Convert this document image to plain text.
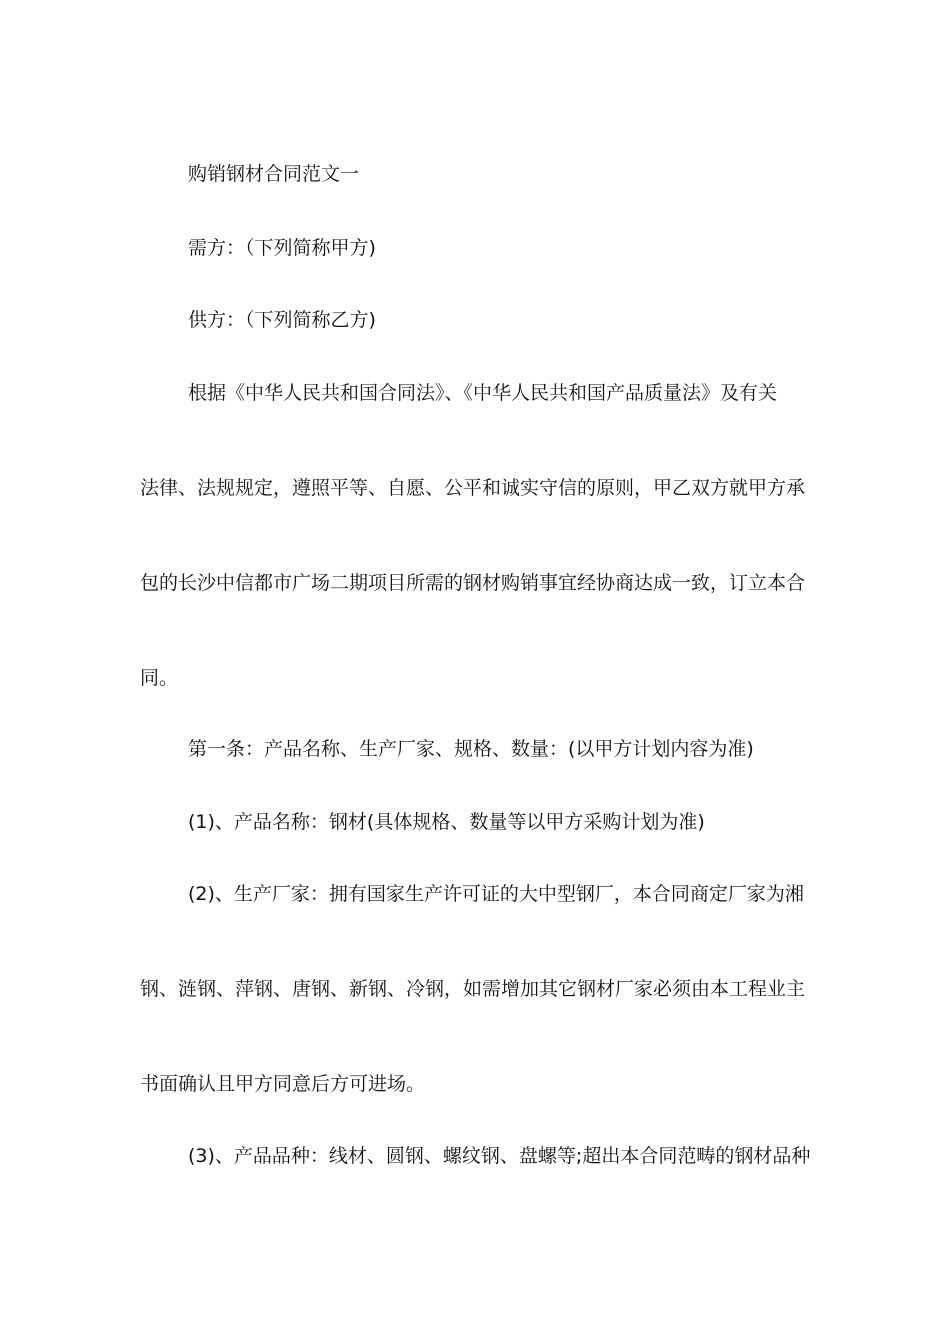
购销钢材合同范文一
需方：（下列简称甲方)
供方：（下列简称乙方)
根据《中华人民共和国合同法》、《中华人民共和国产品质量法》及有关
法律、法规规定，遵照平等、自愿、公平和诚实守信的原则，甲乙双方就甲方承
包的长沙中信都市广场二期项目所需的钢材购销事宜经协商达成一致，订立本合
同。
第一条：产品名称、生产厂家、规格、数量：(以甲方计划内容为准)
(1)、产品名称：钢材(具体规格、数量等以甲方采购计划为准)
(2)、生产厂家：拥有国家生产许可证的大中型钢厂，本合同商定厂家为湘
钢、涟钢、萍钢、唐钢、新钢、冷钢，如需增加其它钢材厂家必须由本工程业主
书面确认且甲方同意后方可进场。
(3)、产品品种：线材、圆钢、螺纹钢、盘螺等;超出本合同范畴的钢材品种
